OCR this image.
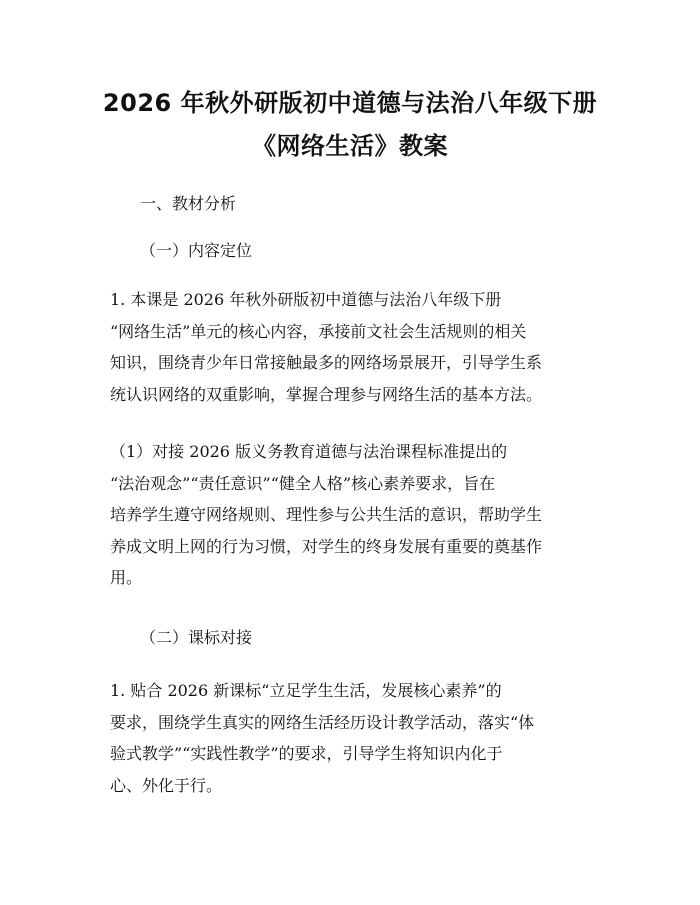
2026 年秋外研版初中道德与法治八年级下册
《网络生活》教案

一、教材分析

（一）内容定位

1. 本课是 2026 年秋外研版初中道德与法治八年级下册
“网络生活”单元的核心内容，承接前文社会生活规则的相关
知识，围绕青少年日常接触最多的网络场景展开，引导学生系
统认识网络的双重影响，掌握合理参与网络生活的基本方法。

（1）对接 2026 版义务教育道德与法治课程标准提出的
“法治观念”“责任意识”“健全人格”核心素养要求，旨在
培养学生遵守网络规则、理性参与公共生活的意识，帮助学生
养成文明上网的行为习惯，对学生的终身发展有重要的奠基作
用。

（二）课标对接

1. 贴合 2026 新课标“立足学生生活，发展核心素养”的
要求，围绕学生真实的网络生活经历设计教学活动，落实“体
验式教学”“实践性教学”的要求，引导学生将知识内化于
心、外化于行。
